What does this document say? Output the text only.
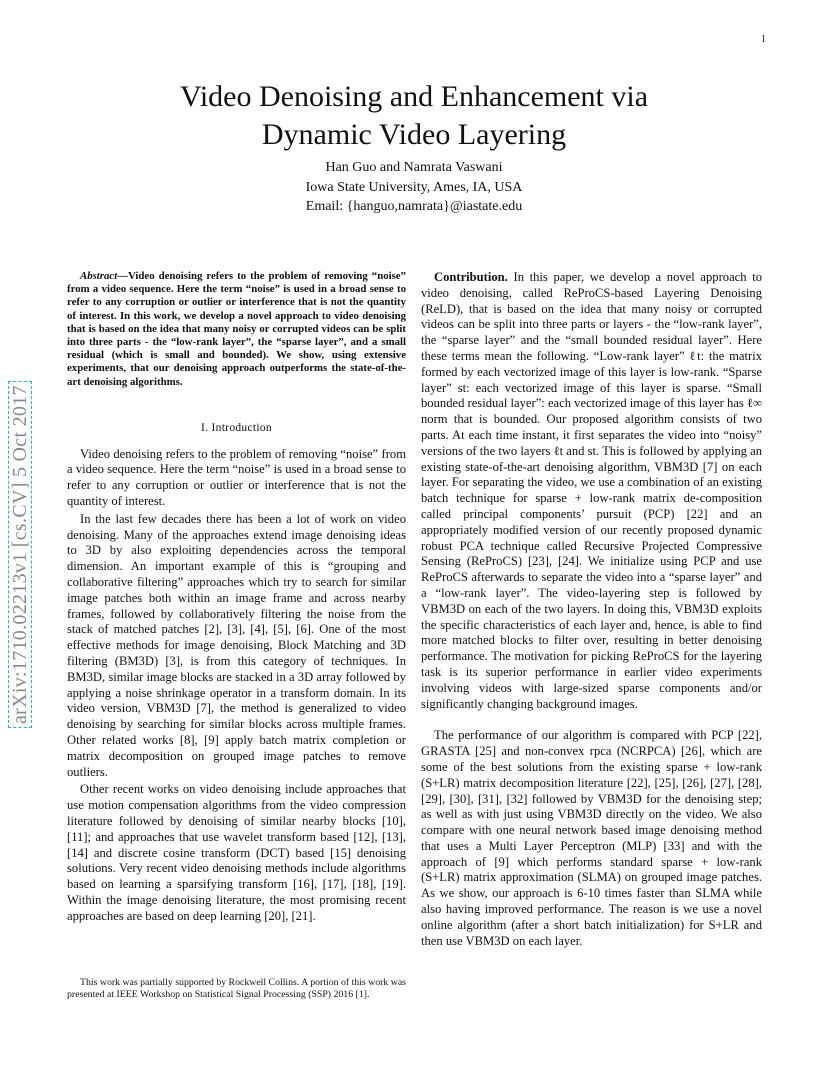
1
Video Denoising and Enhancement via
Dynamic Video Layering
Han Guo and Namrata Vaswani
Iowa State University, Ames, IA, USA
Email: {hanguo,namrata}@iastate.edu
arXiv:1710.02213v1 [cs.CV] 5 Oct 2017
Abstract—Video denoising refers to the problem of removing “noise” from a video sequence. Here the term “noise” is used in a broad sense to refer to any corruption or outlier or interference that is not the quantity of interest. In this work, we develop a novel approach to video denoising that is based on the idea that many noisy or corrupted videos can be split into three parts - the “low-rank layer”, the “sparse layer”, and a small residual (which is small and bounded). We show, using extensive experiments, that our denoising approach outperforms the state-of-the-art denoising algorithms.
I. Introduction

Video denoising refers to the problem of removing “noise” from a video sequence. Here the term “noise” is used in a broad sense to refer to any corruption or outlier or interference that is not the quantity of interest.

In the last few decades there has been a lot of work on video denoising. Many of the approaches extend image denoising ideas to 3D by also exploiting dependencies across the temporal dimension. An important example of this is “grouping and collaborative filtering” approaches which try to search for similar image patches both within an image frame and across nearby frames, followed by collaboratively filtering the noise from the stack of matched patches [2], [3], [4], [5], [6]. One of the most effective methods for image denoising, Block Matching and 3D filtering (BM3D) [3], is from this category of techniques. In BM3D, similar image blocks are stacked in a 3D array followed by applying a noise shrinkage operator in a transform domain. In its video version, VBM3D [7], the method is generalized to video denoising by searching for similar blocks across multiple frames. Other related works [8], [9] apply batch matrix completion or matrix decomposition on grouped image patches to remove outliers.

Other recent works on video denoising include approaches that use motion compensation algorithms from the video compression literature followed by denoising of similar nearby blocks [10], [11]; and approaches that use wavelet transform based [12], [13], [14] and discrete cosine transform (DCT) based [15] denoising solutions. Very recent video denoising methods include algorithms based on learning a sparsifying transform [16], [17], [18], [19]. Within the image denoising literature, the most promising recent approaches are based on deep learning [20], [21].

This work was partially supported by Rockwell Collins. A portion of this work was presented at IEEE Workshop on Statistical Signal Processing (SSP) 2016 [1].

Contribution. In this paper, we develop a novel approach to video denoising, called ReProCS-based Layering Denoising (ReLD), that is based on the idea that many noisy or corrupted videos can be split into three parts or layers - the “low-rank layer”, the “sparse layer” and the “small bounded residual layer”. Here these terms mean the following. “Low-rank layer” ℓt: the matrix formed by each vectorized image of this layer is low-rank. “Sparse layer” st: each vectorized image of this layer is sparse. “Small bounded residual layer”: each vectorized image of this layer has ℓ∞ norm that is bounded. Our proposed algorithm consists of two parts. At each time instant, it first separates the video into “noisy” versions of the two layers ℓt and st. This is followed by applying an existing state-of-the-art denoising algorithm, VBM3D [7] on each layer. For separating the video, we use a combination of an existing batch technique for sparse + low-rank matrix de-composition called principal components’ pursuit (PCP) [22] and an appropriately modified version of our recently proposed dynamic robust PCA technique called Recursive Projected Compressive Sensing (ReProCS) [23], [24]. We initialize using PCP and use ReProCS afterwards to separate the video into a “sparse layer” and a “low-rank layer”. The video-layering step is followed by VBM3D on each of the two layers. In doing this, VBM3D exploits the specific characteristics of each layer and, hence, is able to find more matched blocks to filter over, resulting in better denoising performance. The motivation for picking ReProCS for the layering task is its superior performance in earlier video experiments involving videos with large-sized sparse components and/or significantly changing background images.

The performance of our algorithm is compared with PCP [22], GRASTA [25] and non-convex rpca (NCRPCA) [26], which are some of the best solutions from the existing sparse + low-rank (S+LR) matrix decomposition literature [22], [25], [26], [27], [28], [29], [30], [31], [32] followed by VBM3D for the denoising step; as well as with just using VBM3D directly on the video. We also compare with one neural network based image denoising method that uses a Multi Layer Perceptron (MLP) [33] and with the approach of [9] which performs standard sparse + low-rank (S+LR) matrix approximation (SLMA) on grouped image patches. As we show, our approach is 6-10 times faster than SLMA while also having improved performance. The reason is we use a novel online algorithm (after a short batch initialization) for S+LR and then use VBM3D on each layer.
